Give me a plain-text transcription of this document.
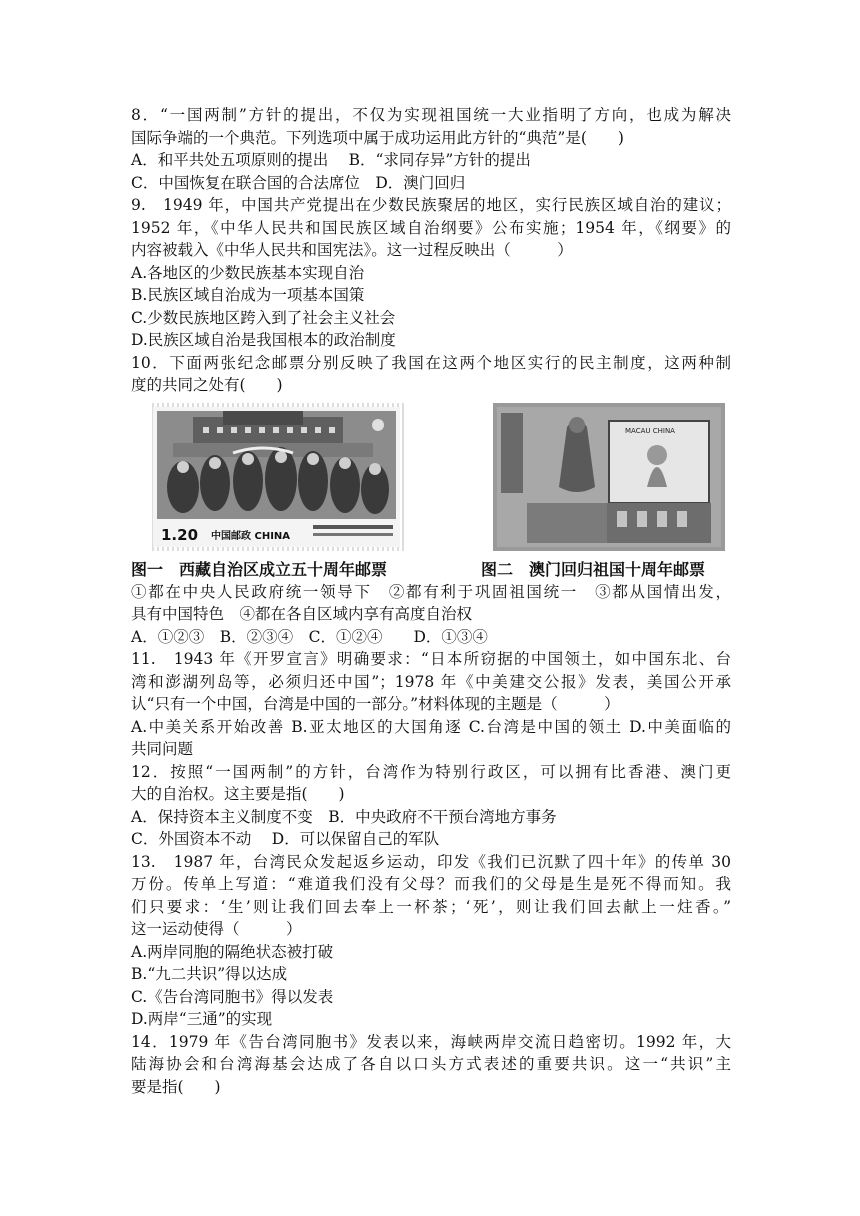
8．“一国两制”方针的提出，不仅为实现祖国统一大业指明了方向，也成为解决
国际争端的一个典范。下列选项中属于成功运用此方针的“典范”是(　　)
A．和平共处五项原则的提出　 B．“求同存异”方针的提出
C．中国恢复在联合国的合法席位　D．澳门回归
9.　1949 年，中国共产党提出在少数民族聚居的地区，实行民族区域自治的建议；
1952 年，《中华人民共和国民族区域自治纲要》公布实施；1954 年，《纲要》的
内容被载入《中华人民共和国宪法》。这一过程反映出（　　　）
A.各地区的少数民族基本实现自治
B.民族区域自治成为一项基本国策
C.少数民族地区跨入到了社会主义社会
D.民族区域自治是我国根本的政治制度
10．下面两张纪念邮票分别反映了我国在这两个地区实行的民主制度，这两种制
度的共同之处有(　　)
1.20 中国邮政 CHINA
MACAU CHINA
图一　西藏自治区成立五十周年邮票	图二　澳门回归祖国十周年邮票
①都在中央人民政府统一领导下　②都有利于巩固祖国统一　③都从国情出发，
具有中国特色　④都在各自区域内享有高度自治权
A．①②③　B．②③④　C．①②④　　D．①③④
11.　1943 年《开罗宣言》明确要求：“日本所窃据的中国领土，如中国东北、台
湾和澎湖列岛等，必须归还中国”；1978 年《中美建交公报》发表，美国公开承
认“只有一个中国，台湾是中国的一部分。”材料体现的主题是（　　　）
A.中美关系开始改善 B.亚太地区的大国角逐 C.台湾是中国的领土 D.中美面临的
共同问题
12．按照“一国两制”的方针，台湾作为特别行政区，可以拥有比香港、澳门更
大的自治权。这主要是指(　　)
A．保持资本主义制度不变　B．中央政府不干预台湾地方事务
C．外国资本不动　 D．可以保留自己的军队
13.　1987 年，台湾民众发起返乡运动，印发《我们已沉默了四十年》的传单 30
万份。传单上写道：“难道我们没有父母？而我们的父母是生是死不得而知。我
们只要求：‘生’则让我们回去奉上一杯茶；‘死’，则让我们回去献上一炷香。”
这一运动使得（　　　）
A.两岸同胞的隔绝状态被打破
B.“九二共识”得以达成
C.《告台湾同胞书》得以发表
D.两岸“三通”的实现
14．1979 年《告台湾同胞书》发表以来，海峡两岸交流日趋密切。1992 年，大
陆海协会和台湾海基会达成了各自以口头方式表述的重要共识。这一“共识”主
要是指(　　)
